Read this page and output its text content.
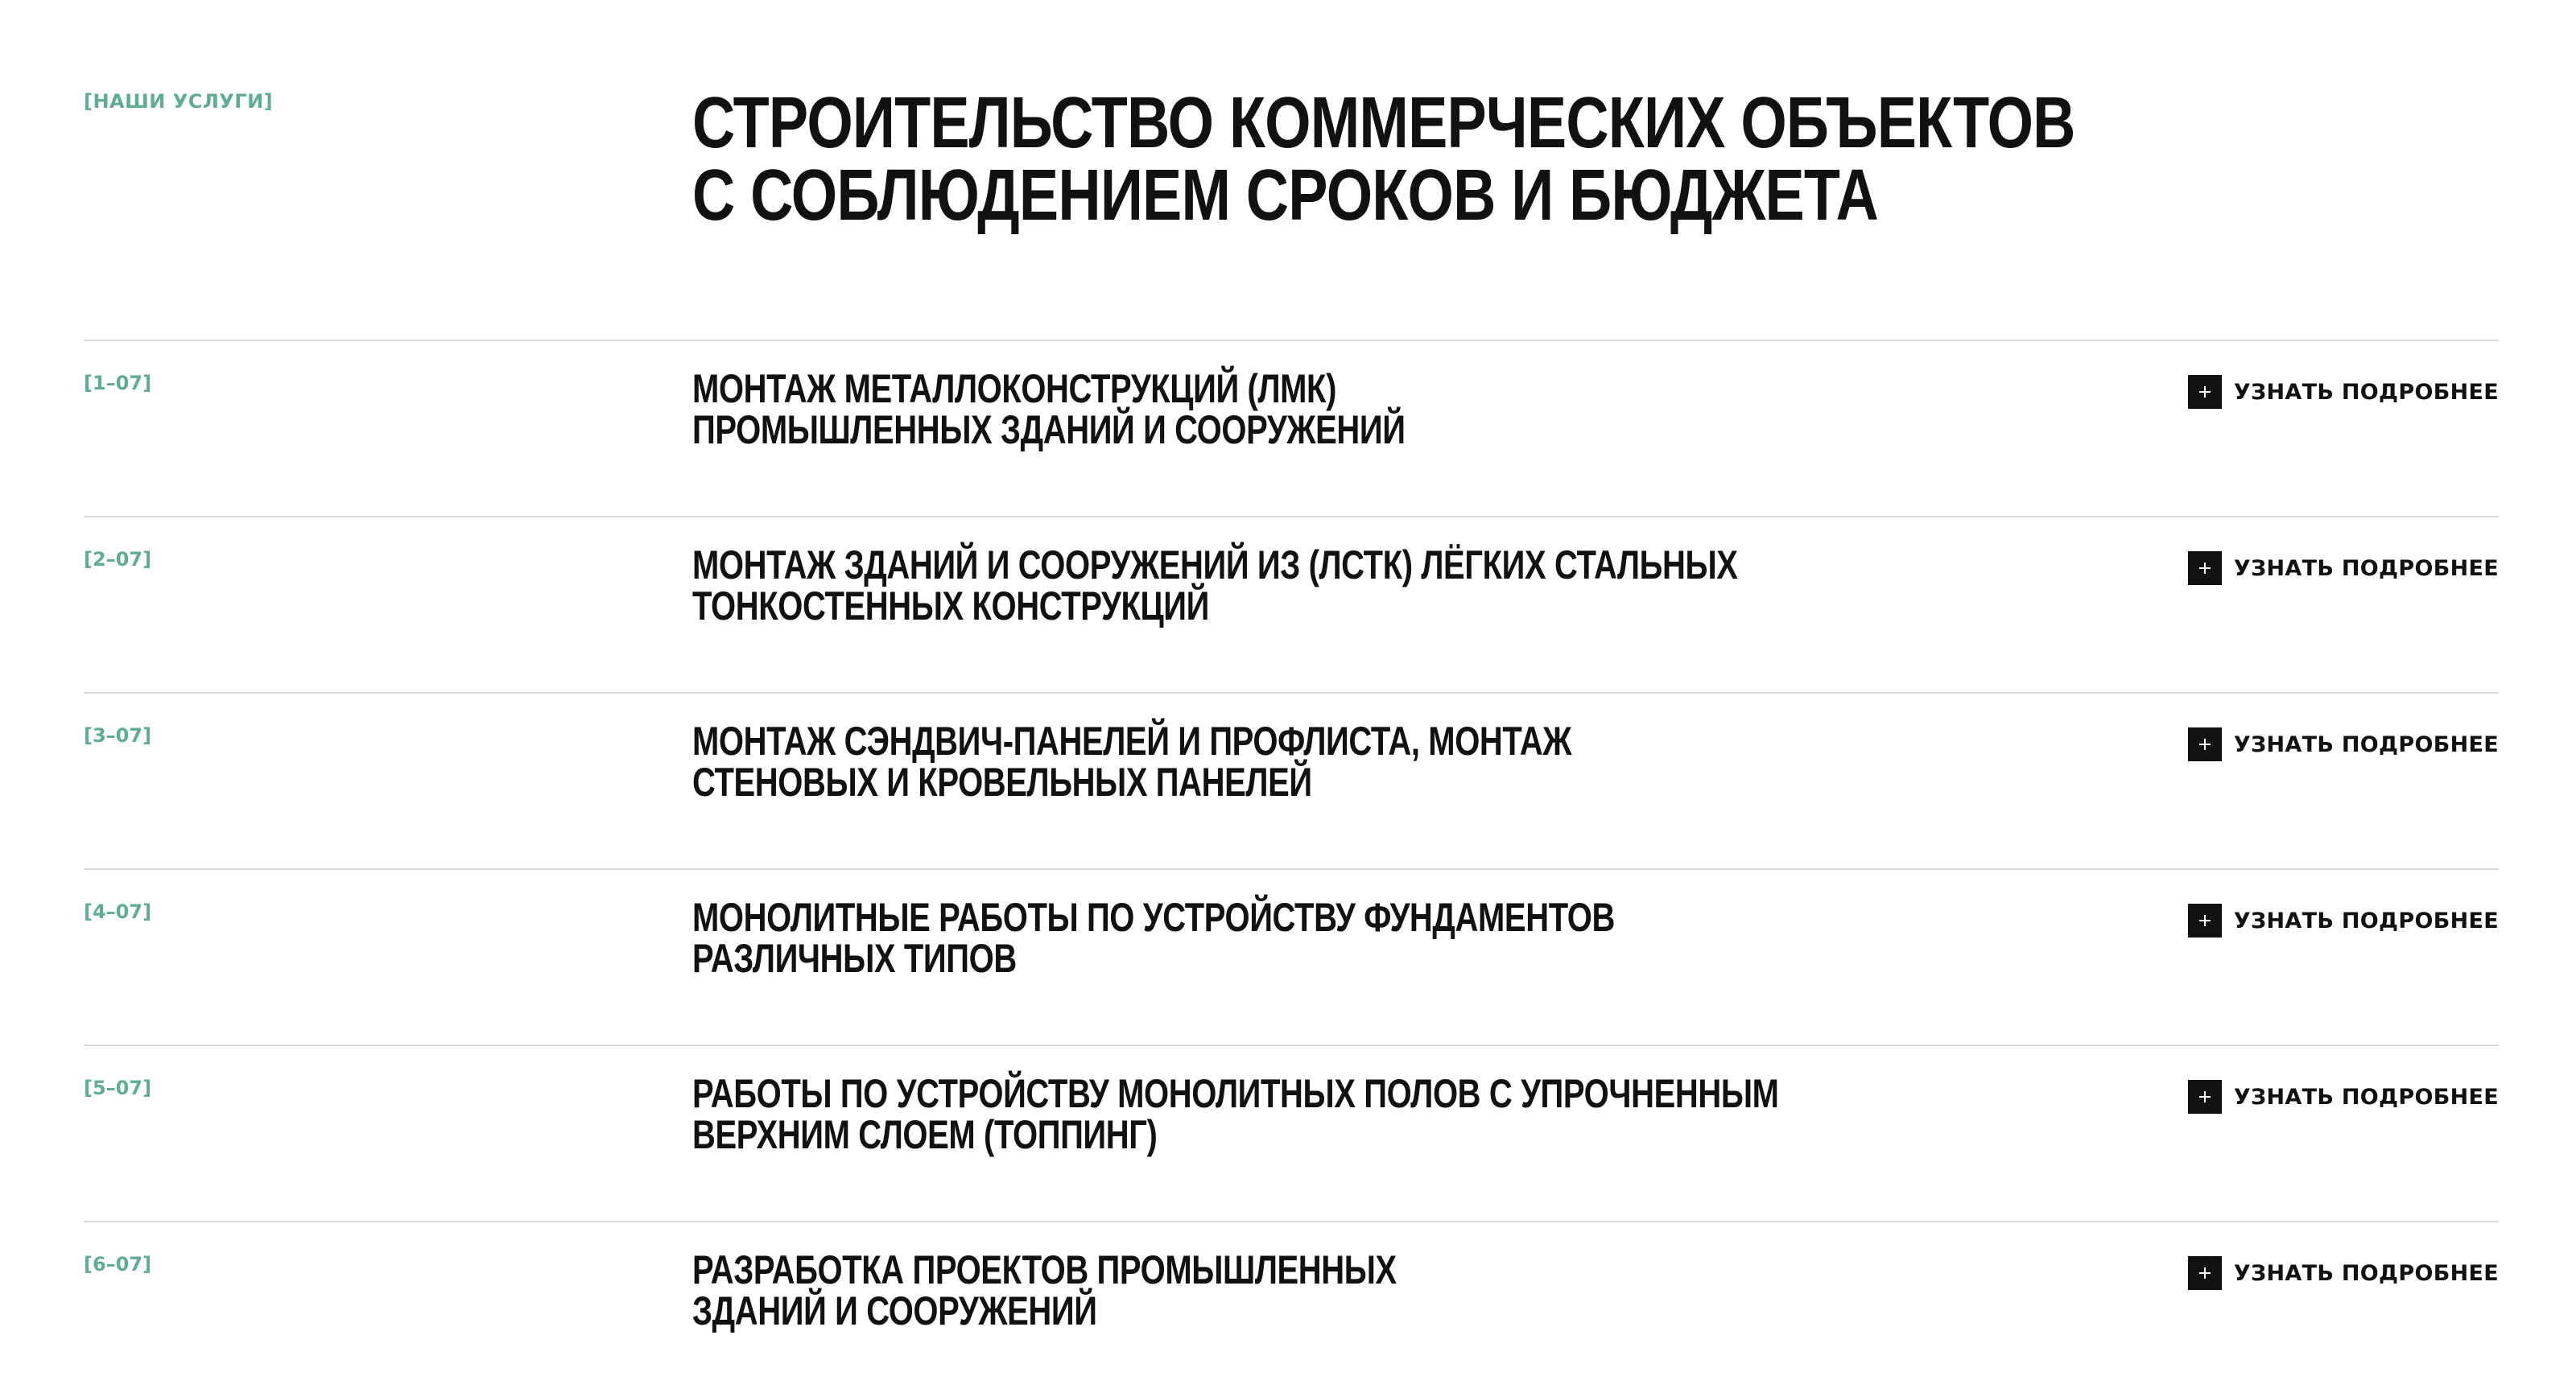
[НАШИ УСЛУГИ]	СТРОИТЕЛЬСТВО КОММЕРЧЕСКИХ ОБЪЕКТОВ
С СОБЛЮДЕНИЕМ СРОКОВ И БЮДЖЕТА
[1–07]	МОНТАЖ МЕТАЛЛОКОНСТРУКЦИЙ (ЛМК)
ПРОМЫШЛЕННЫХ ЗДАНИЙ И СООРУЖЕНИЙ
УЗНАТЬ ПОДРОБНЕЕ
[2–07]	МОНТАЖ ЗДАНИЙ И СООРУЖЕНИЙ ИЗ (ЛСТК) ЛЁГКИХ СТАЛЬНЫХ
ТОНКОСТЕННЫХ КОНСТРУКЦИЙ
УЗНАТЬ ПОДРОБНЕЕ
[3–07]	МОНТАЖ СЭНДВИЧ-ПАНЕЛЕЙ И ПРОФЛИСТА, МОНТАЖ
СТЕНОВЫХ И КРОВЕЛЬНЫХ ПАНЕЛЕЙ
УЗНАТЬ ПОДРОБНЕЕ
[4–07]	МОНОЛИТНЫЕ РАБОТЫ ПО УСТРОЙСТВУ ФУНДАМЕНТОВ
РАЗЛИЧНЫХ ТИПОВ
УЗНАТЬ ПОДРОБНЕЕ
[5–07]	РАБОТЫ ПО УСТРОЙСТВУ МОНОЛИТНЫХ ПОЛОВ С УПРОЧНЕННЫМ
ВЕРХНИМ СЛОЕМ (ТОППИНГ)
УЗНАТЬ ПОДРОБНЕЕ
[6–07]	РАЗРАБОТКА ПРОЕКТОВ ПРОМЫШЛЕННЫХ
ЗДАНИЙ И СООРУЖЕНИЙ
УЗНАТЬ ПОДРОБНЕЕ
